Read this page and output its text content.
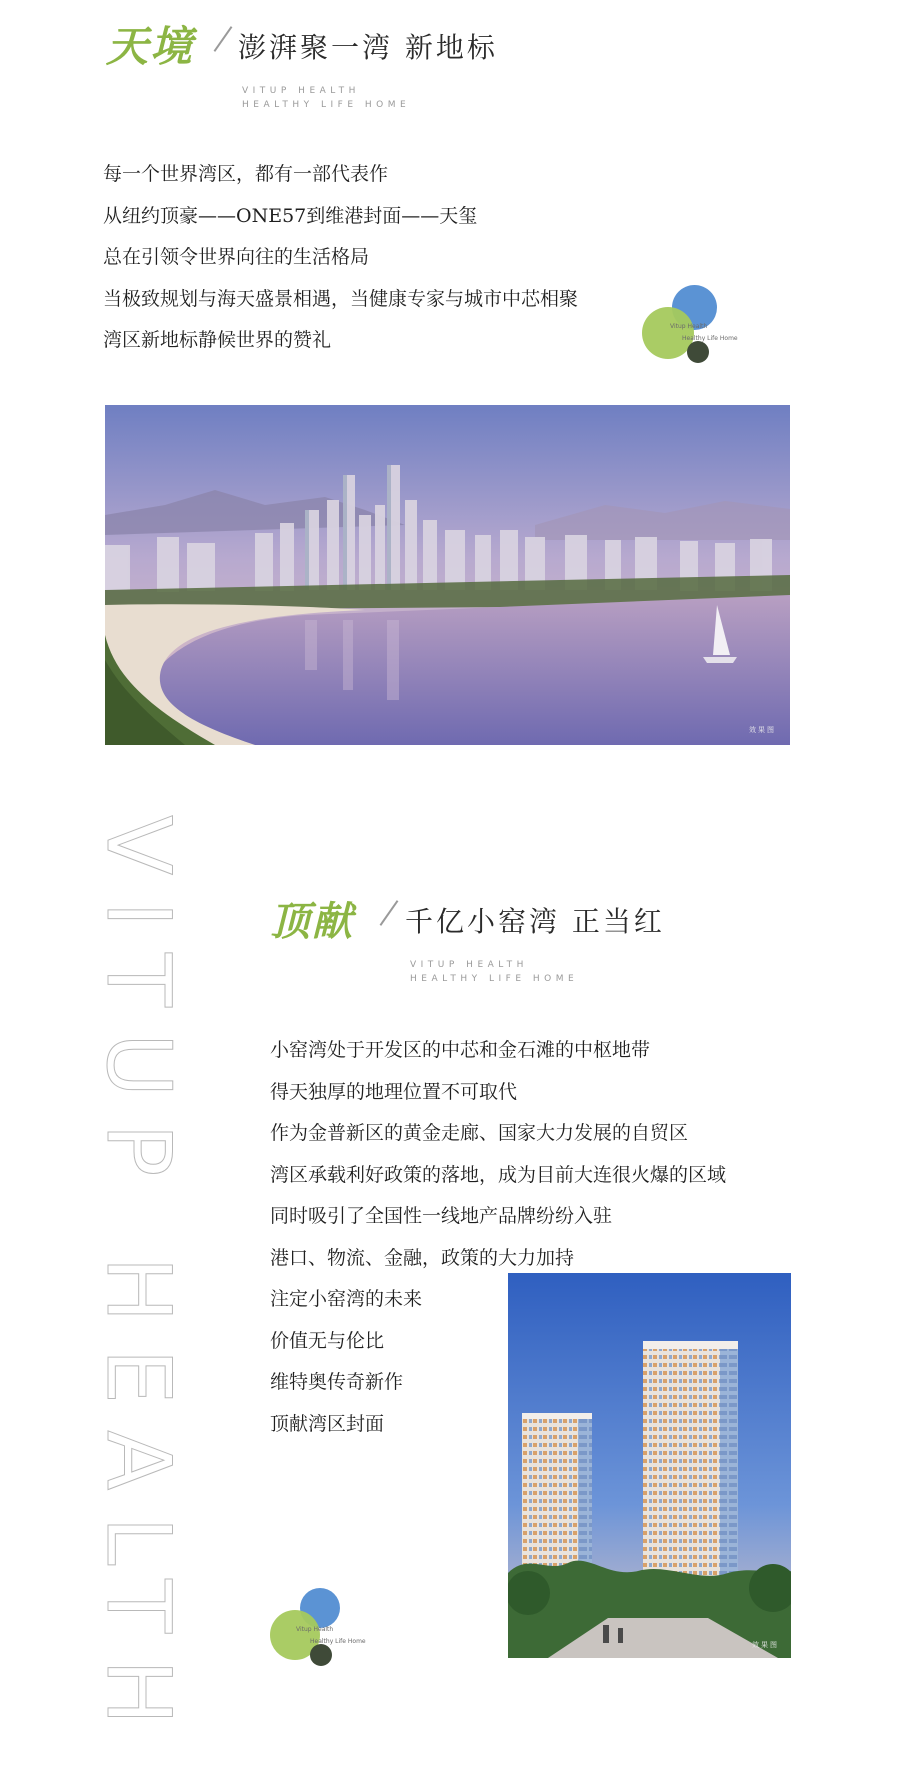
天境 澎湃聚一湾 新地标
VITUP HEALTH
HEALTHY LIFE HOME
每一个世界湾区，都有一部代表作
从纽约顶豪——ONE57到维港封面——天玺
总在引领令世界向往的生活格局
当极致规划与海天盛景相遇，当健康专家与城市中芯相聚
湾区新地标静候世界的赞礼
Vitup Health
Healthy Life Home
效果图
VITUP HEALTH 顶献 千亿小窑湾 正当红
VITUP HEALTH
HEALTHY LIFE HOME
小窑湾处于开发区的中芯和金石滩的中枢地带
得天独厚的地理位置不可取代
作为金普新区的黄金走廊、国家大力发展的自贸区
湾区承载利好政策的落地，成为目前大连很火爆的区域
同时吸引了全国性一线地产品牌纷纷入驻
港口、物流、金融，政策的大力加持
注定小窑湾的未来
价值无与伦比
维特奥传奇新作
顶献湾区封面
Vitup Health
Healthy Life Home	效果图
